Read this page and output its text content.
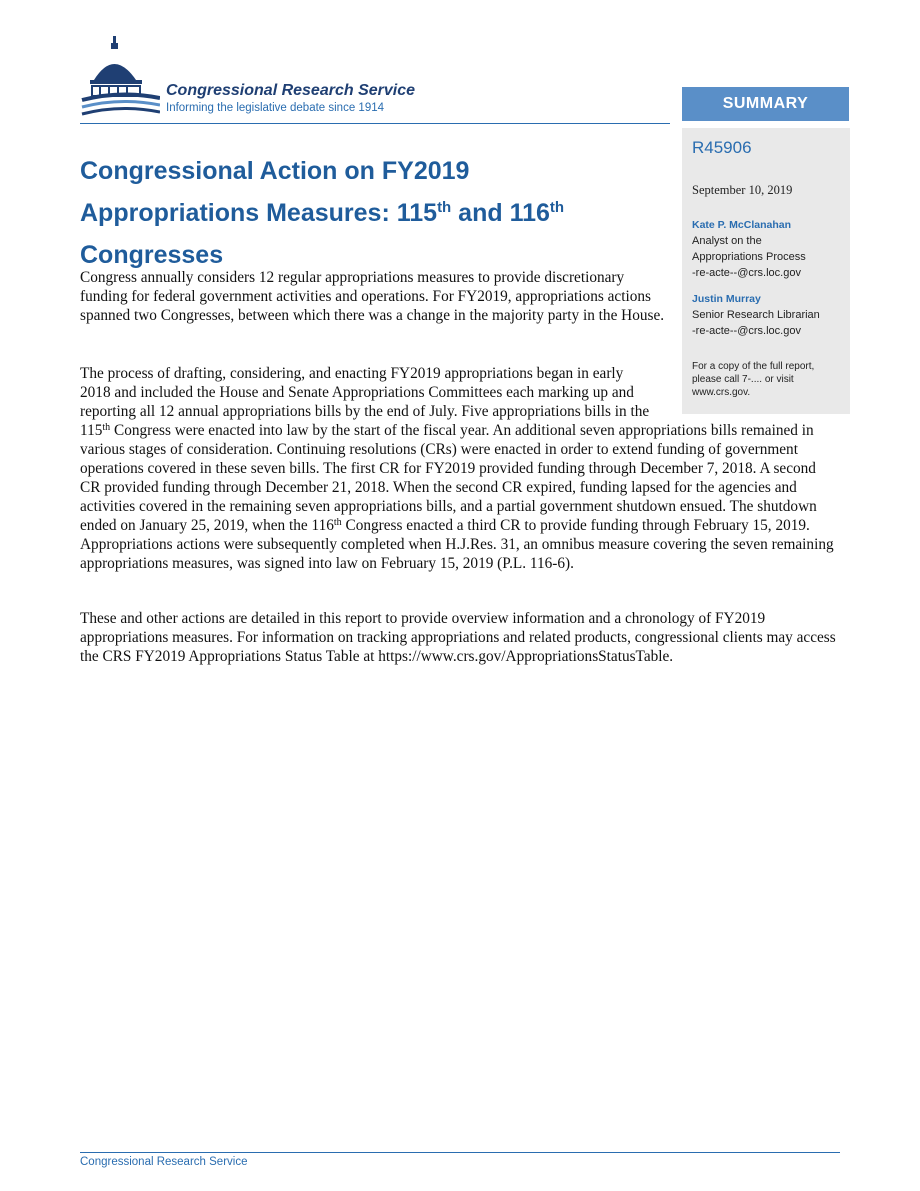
Congressional Research Service
Informing the legislative debate since 1914	SUMMARY
R45906
September 10, 2019
Kate P. McClanahan
Analyst on the
Appropriations Process
-re-acte--@crs.loc.gov
Justin Murray
Senior Research Librarian
-re-acte--@crs.loc.gov
For a copy of the full report,
please call 7-.... or visit
www.crs.gov.
Congressional Action on FY2019 Appropriations Measures: 115th and 116th Congresses

Congress annually considers 12 regular appropriations measures to provide discretionary funding for federal government activities and operations. For FY2019, appropriations actions spanned two Congresses, between which there was a change in the majority party in the House.

The process of drafting, considering, and enacting FY2019 appropriations began in early 2018 and included the House and Senate Appropriations Committees each marking up and reporting all 12 annual appropriations bills by the end of July. Five appropriations bills in the 115th Congress were enacted into law by the start of the fiscal year. An additional seven appropriations bills remained in various stages of consideration. Continuing resolutions (CRs) were enacted in order to extend funding of government operations covered in these seven bills. The first CR for FY2019 provided funding through December 7, 2018. A second CR provided funding through December 21, 2018. When the second CR expired, funding lapsed for the agencies and activities covered in the remaining seven appropriations bills, and a partial government shutdown ensued. The shutdown ended on January 25, 2019, when the 116th Congress enacted a third CR to provide funding through February 15, 2019. Appropriations actions were subsequently completed when H.J.Res. 31, an omnibus measure covering the seven remaining appropriations measures, was signed into law on February 15, 2019 (P.L. 116-6).

These and other actions are detailed in this report to provide overview information and a chronology of FY2019 appropriations measures. For information on tracking appropriations and related products, congressional clients may access the CRS FY2019 Appropriations Status Table at https://www.crs.gov/AppropriationsStatusTable.

Congressional Research Service
